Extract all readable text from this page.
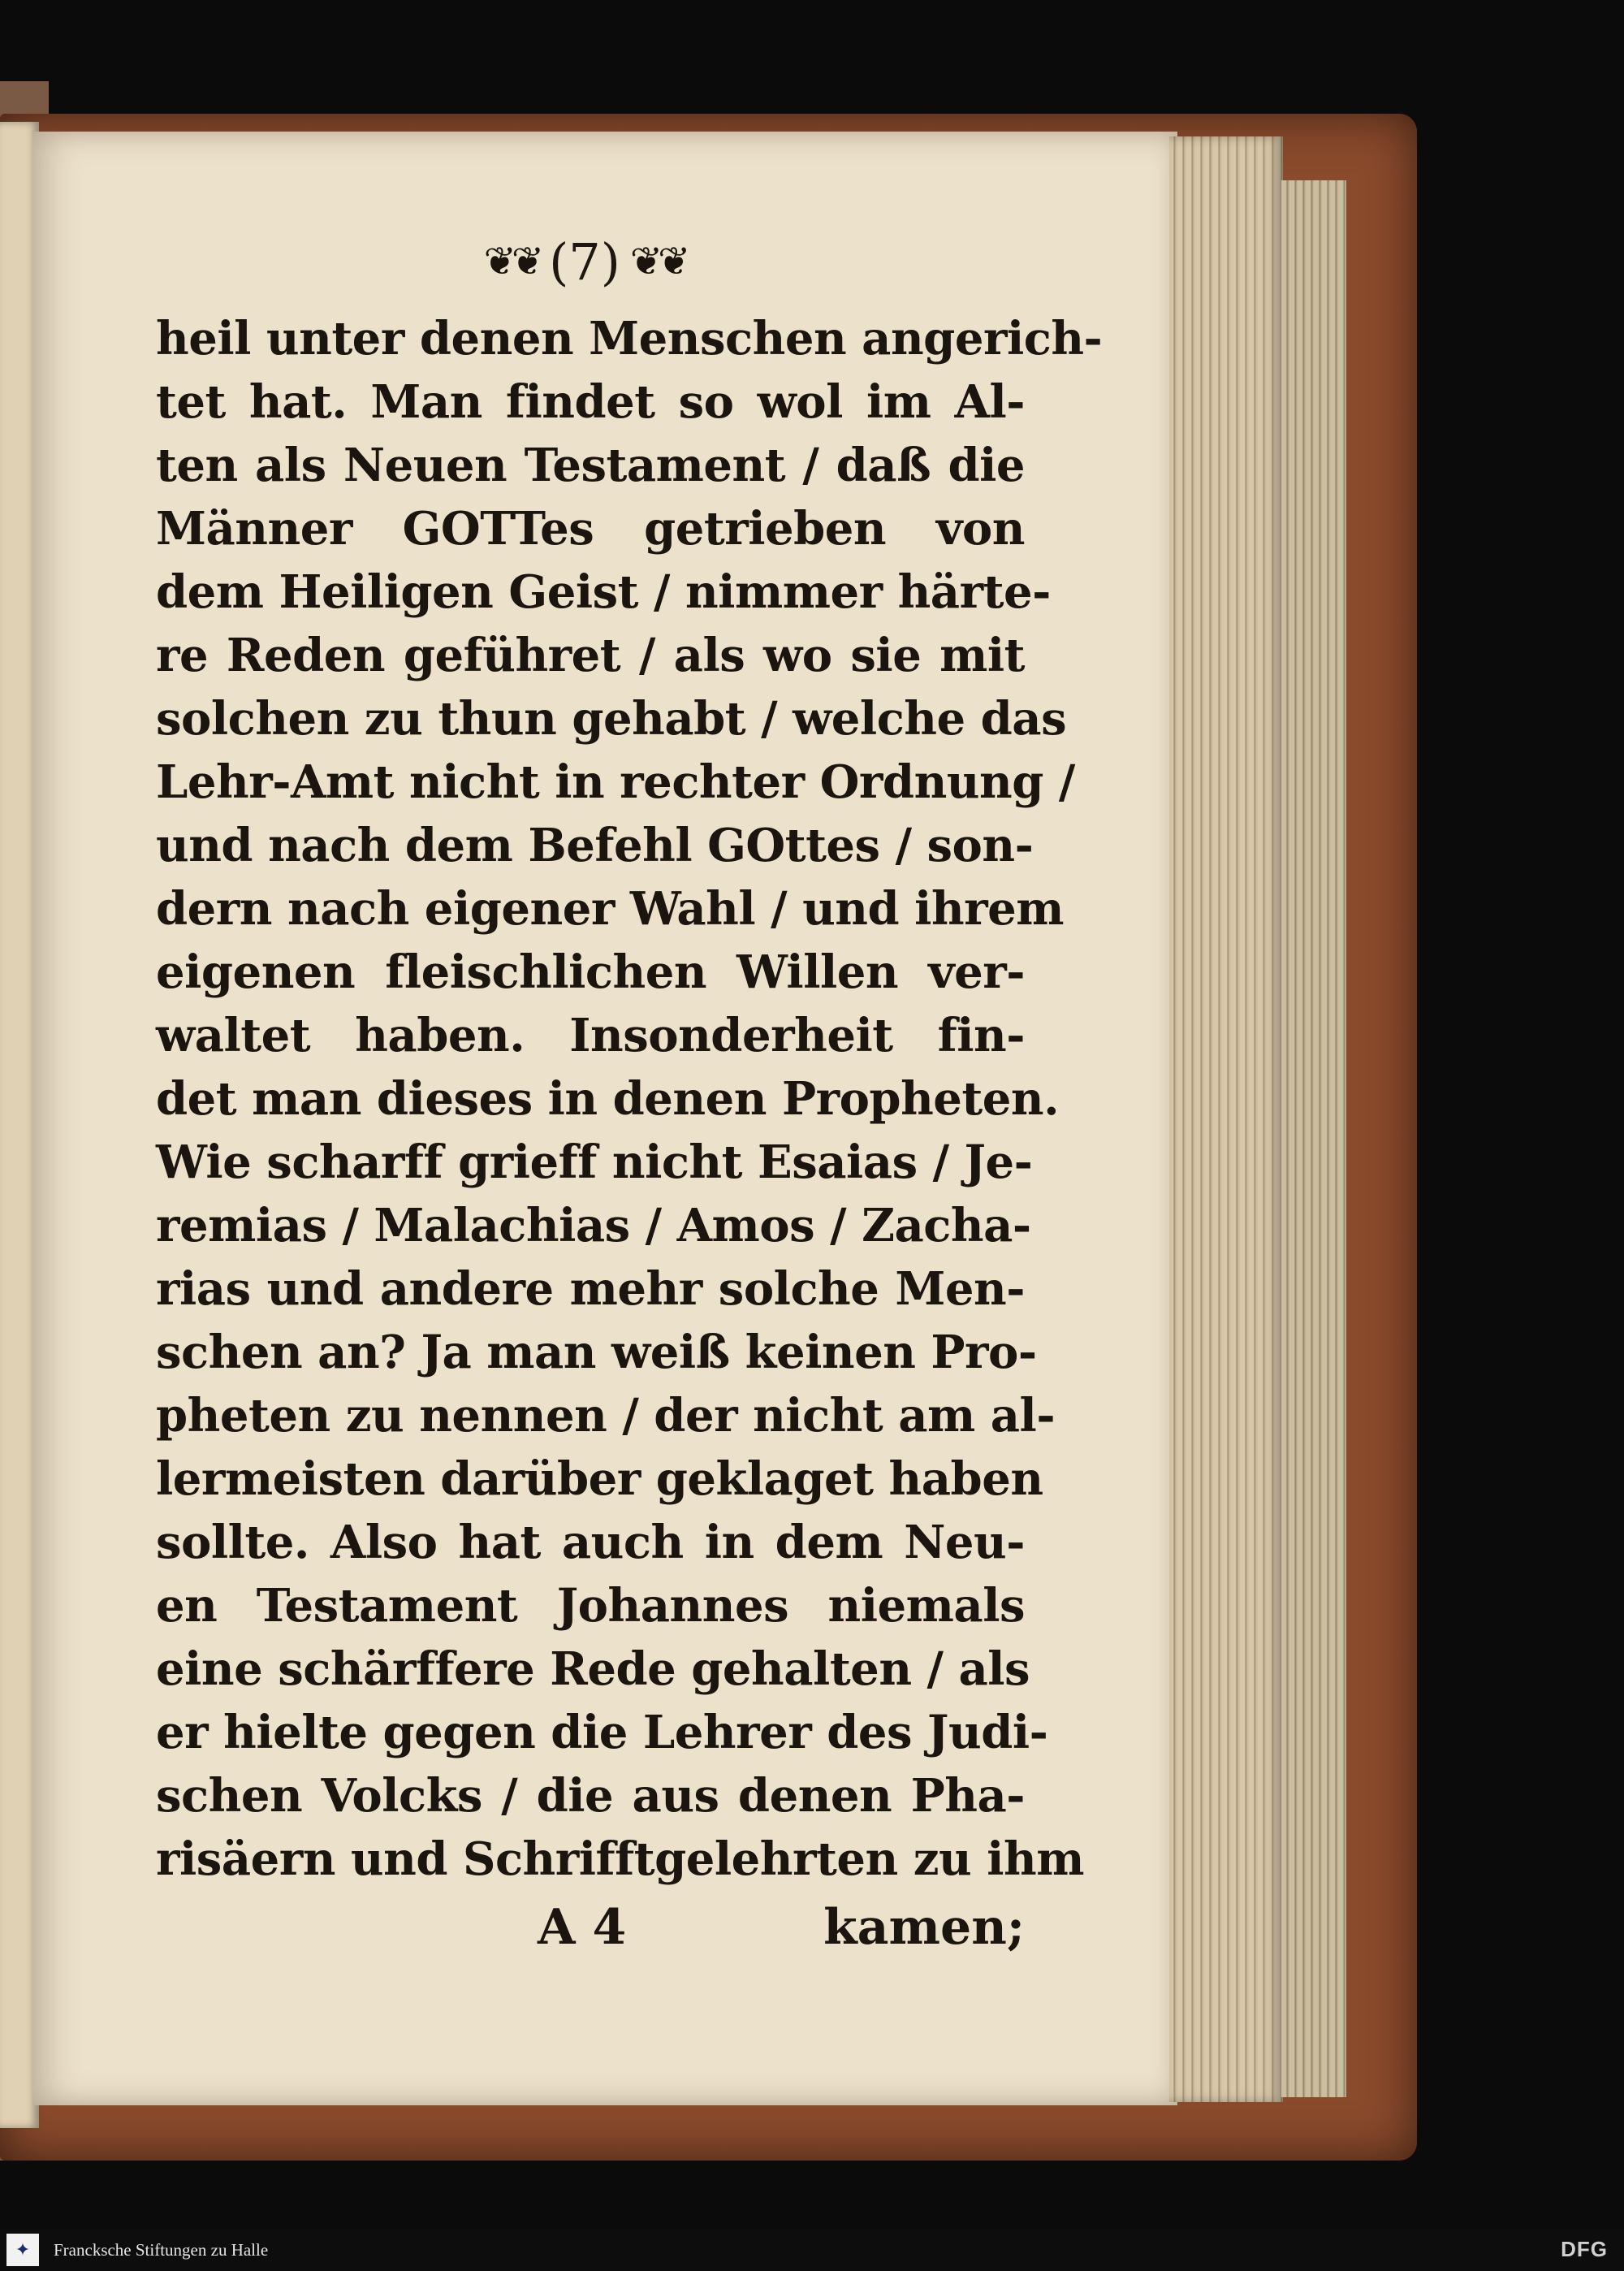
❦❦ (7) ❦❦
heil unter denen Menschen angerich-
tet hat. Man findet so wol im Al-
ten als Neuen Testament / daß die
Männer GOTTes getrieben von
dem Heiligen Geist / nimmer härte-
re Reden geführet / als wo sie mit
solchen zu thun gehabt / welche das
Lehr-Amt nicht in rechter Ordnung /
und nach dem Befehl GOttes / son-
dern nach eigener Wahl / und ihrem
eigenen fleischlichen Willen ver-
waltet haben. Insonderheit fin-
det man dieses in denen Propheten.
Wie scharff grieff nicht Esaias / Je-
remias / Malachias / Amos / Zacha-
rias und andere mehr solche Men-
schen an? Ja man weiß keinen Pro-
pheten zu nennen / der nicht am al-
lermeisten darüber geklaget haben
sollte. Also hat auch in dem Neu-
en Testament Johannes niemals
eine schärffere Rede gehalten / als
er hielte gegen die Lehrer des Judi-
schen Volcks / die aus denen Pha-
risäern und Schrifftgelehrten zu ihm
A 4	kamen;
✦	Francksche Stiftungen zu Halle	DFG
